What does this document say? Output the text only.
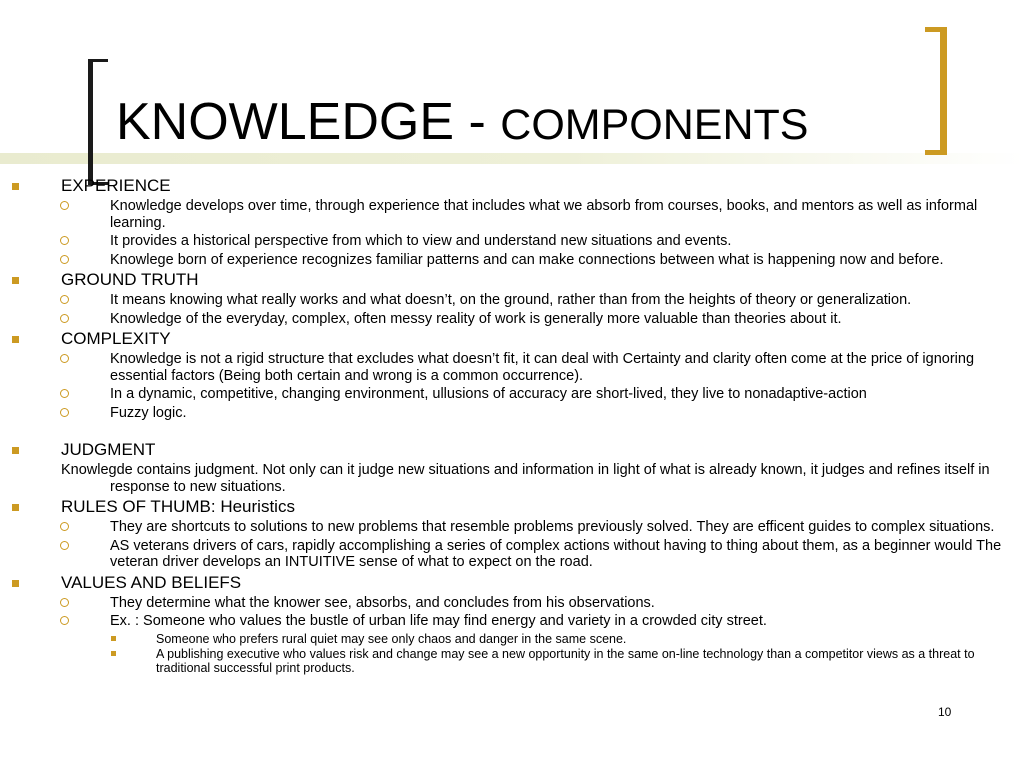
KNOWLEDGE - COMPONENTS
EXPERIENCE
Knowledge develops over time, through experience that includes what we absorb from courses, books, and mentors as well as informal learning.
It provides a historical perspective from which to view and understand new situations and events.
Knowlege born of experience recognizes familiar patterns and can make connections between what is happening now and before.
GROUND TRUTH
It means knowing what really works and what doesn’t, on the ground, rather than from the heights of theory or generalization.
Knowledge of the everyday, complex, often messy reality of work is generally more valuable than theories about it.
COMPLEXITY
Knowledge is not a rigid structure that excludes what doesn’t fit, it can deal with Certainty and clarity often come at the price of ignoring essential factors (Being both certain and wrong is a common occurrence).
In a dynamic, competitive, changing environment, ullusions of accuracy are short-lived, they live to nonadaptive-action
Fuzzy logic.
JUDGMENT
Knowlegde contains judgment. Not only can it judge new situations and information in light of what is already known, it judges and refines itself in response to new situations.
RULES OF THUMB: Heuristics
They are shortcuts to solutions to new problems that resemble problems previously solved. They are efficent guides to complex situations.
AS veterans drivers of cars, rapidly accomplishing a series of complex actions without having to thing about them, as a beginner would The veteran driver develops an INTUITIVE sense of what to expect on the road.
VALUES AND BELIEFS
They determine what the knower see, absorbs, and concludes from his observations.
Ex. : Someone who values the bustle of urban life may find energy and variety in a crowded city street.
Someone who prefers rural quiet may see only chaos and danger in the same scene.
A publishing executive who values risk and change may see a new opportunity in the same on-line technology than a competitor views as a threat to traditional successful print products.
10
